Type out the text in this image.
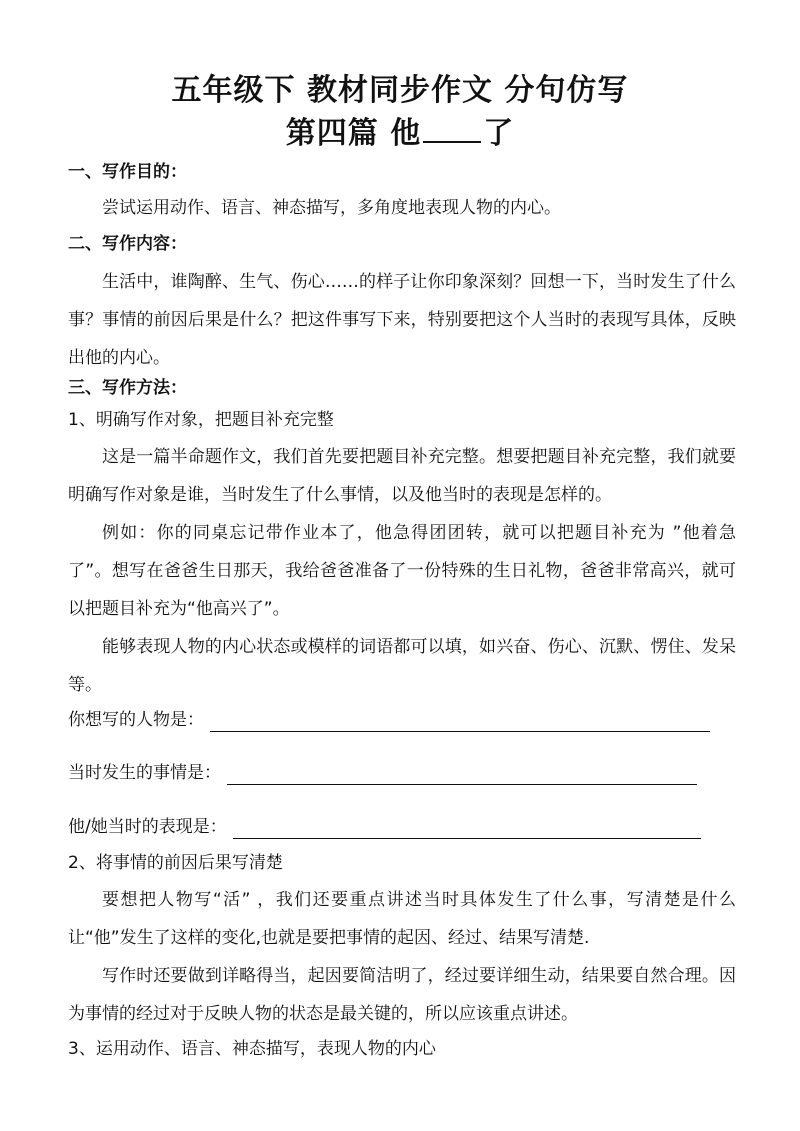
五年级下 教材同步作文 分句仿写
第四篇 他 了
一、写作目的：
尝试运用动作、语言、神态描写，多角度地表现人物的内心。
二、写作内容：
生活中，谁陶醉、生气、伤心……的样子让你印象深刻？回想一下，当时发生了什么事？事情的前因后果是什么？把这件事写下来，特别要把这个人当时的表现写具体，反映出他的内心。
三、写作方法：
1、明确写作对象，把题目补充完整
这是一篇半命题作文，我们首先要把题目补充完整。想要把题目补充完整，我们就要明确写作对象是谁，当时发生了什么事情，以及他当时的表现是怎样的。
例如：你的同桌忘记带作业本了，他急得团团转，就可以把题目补充为 ”他着急了”。想写在爸爸生日那天，我给爸爸准备了一份特殊的生日礼物，爸爸非常高兴，就可以把题目补充为“他高兴了”。
能够表现人物的内心状态或模样的词语都可以填，如兴奋、伤心、沉默、愣住、发呆等。
你想写的人物是：
当时发生的事情是：
他/她当时的表现是：
2、将事情的前因后果写清楚
要想把人物写“活” ，我们还要重点讲述当时具体发生了什么事，写清楚是什么让“他”发生了这样的变化,也就是要把事情的起因、经过、结果写清楚.
写作时还要做到详略得当，起因要简洁明了，经过要详细生动，结果要自然合理。因为事情的经过对于反映人物的状态是最关键的，所以应该重点讲述。
3、运用动作、语言、神态描写，表现人物的内心
